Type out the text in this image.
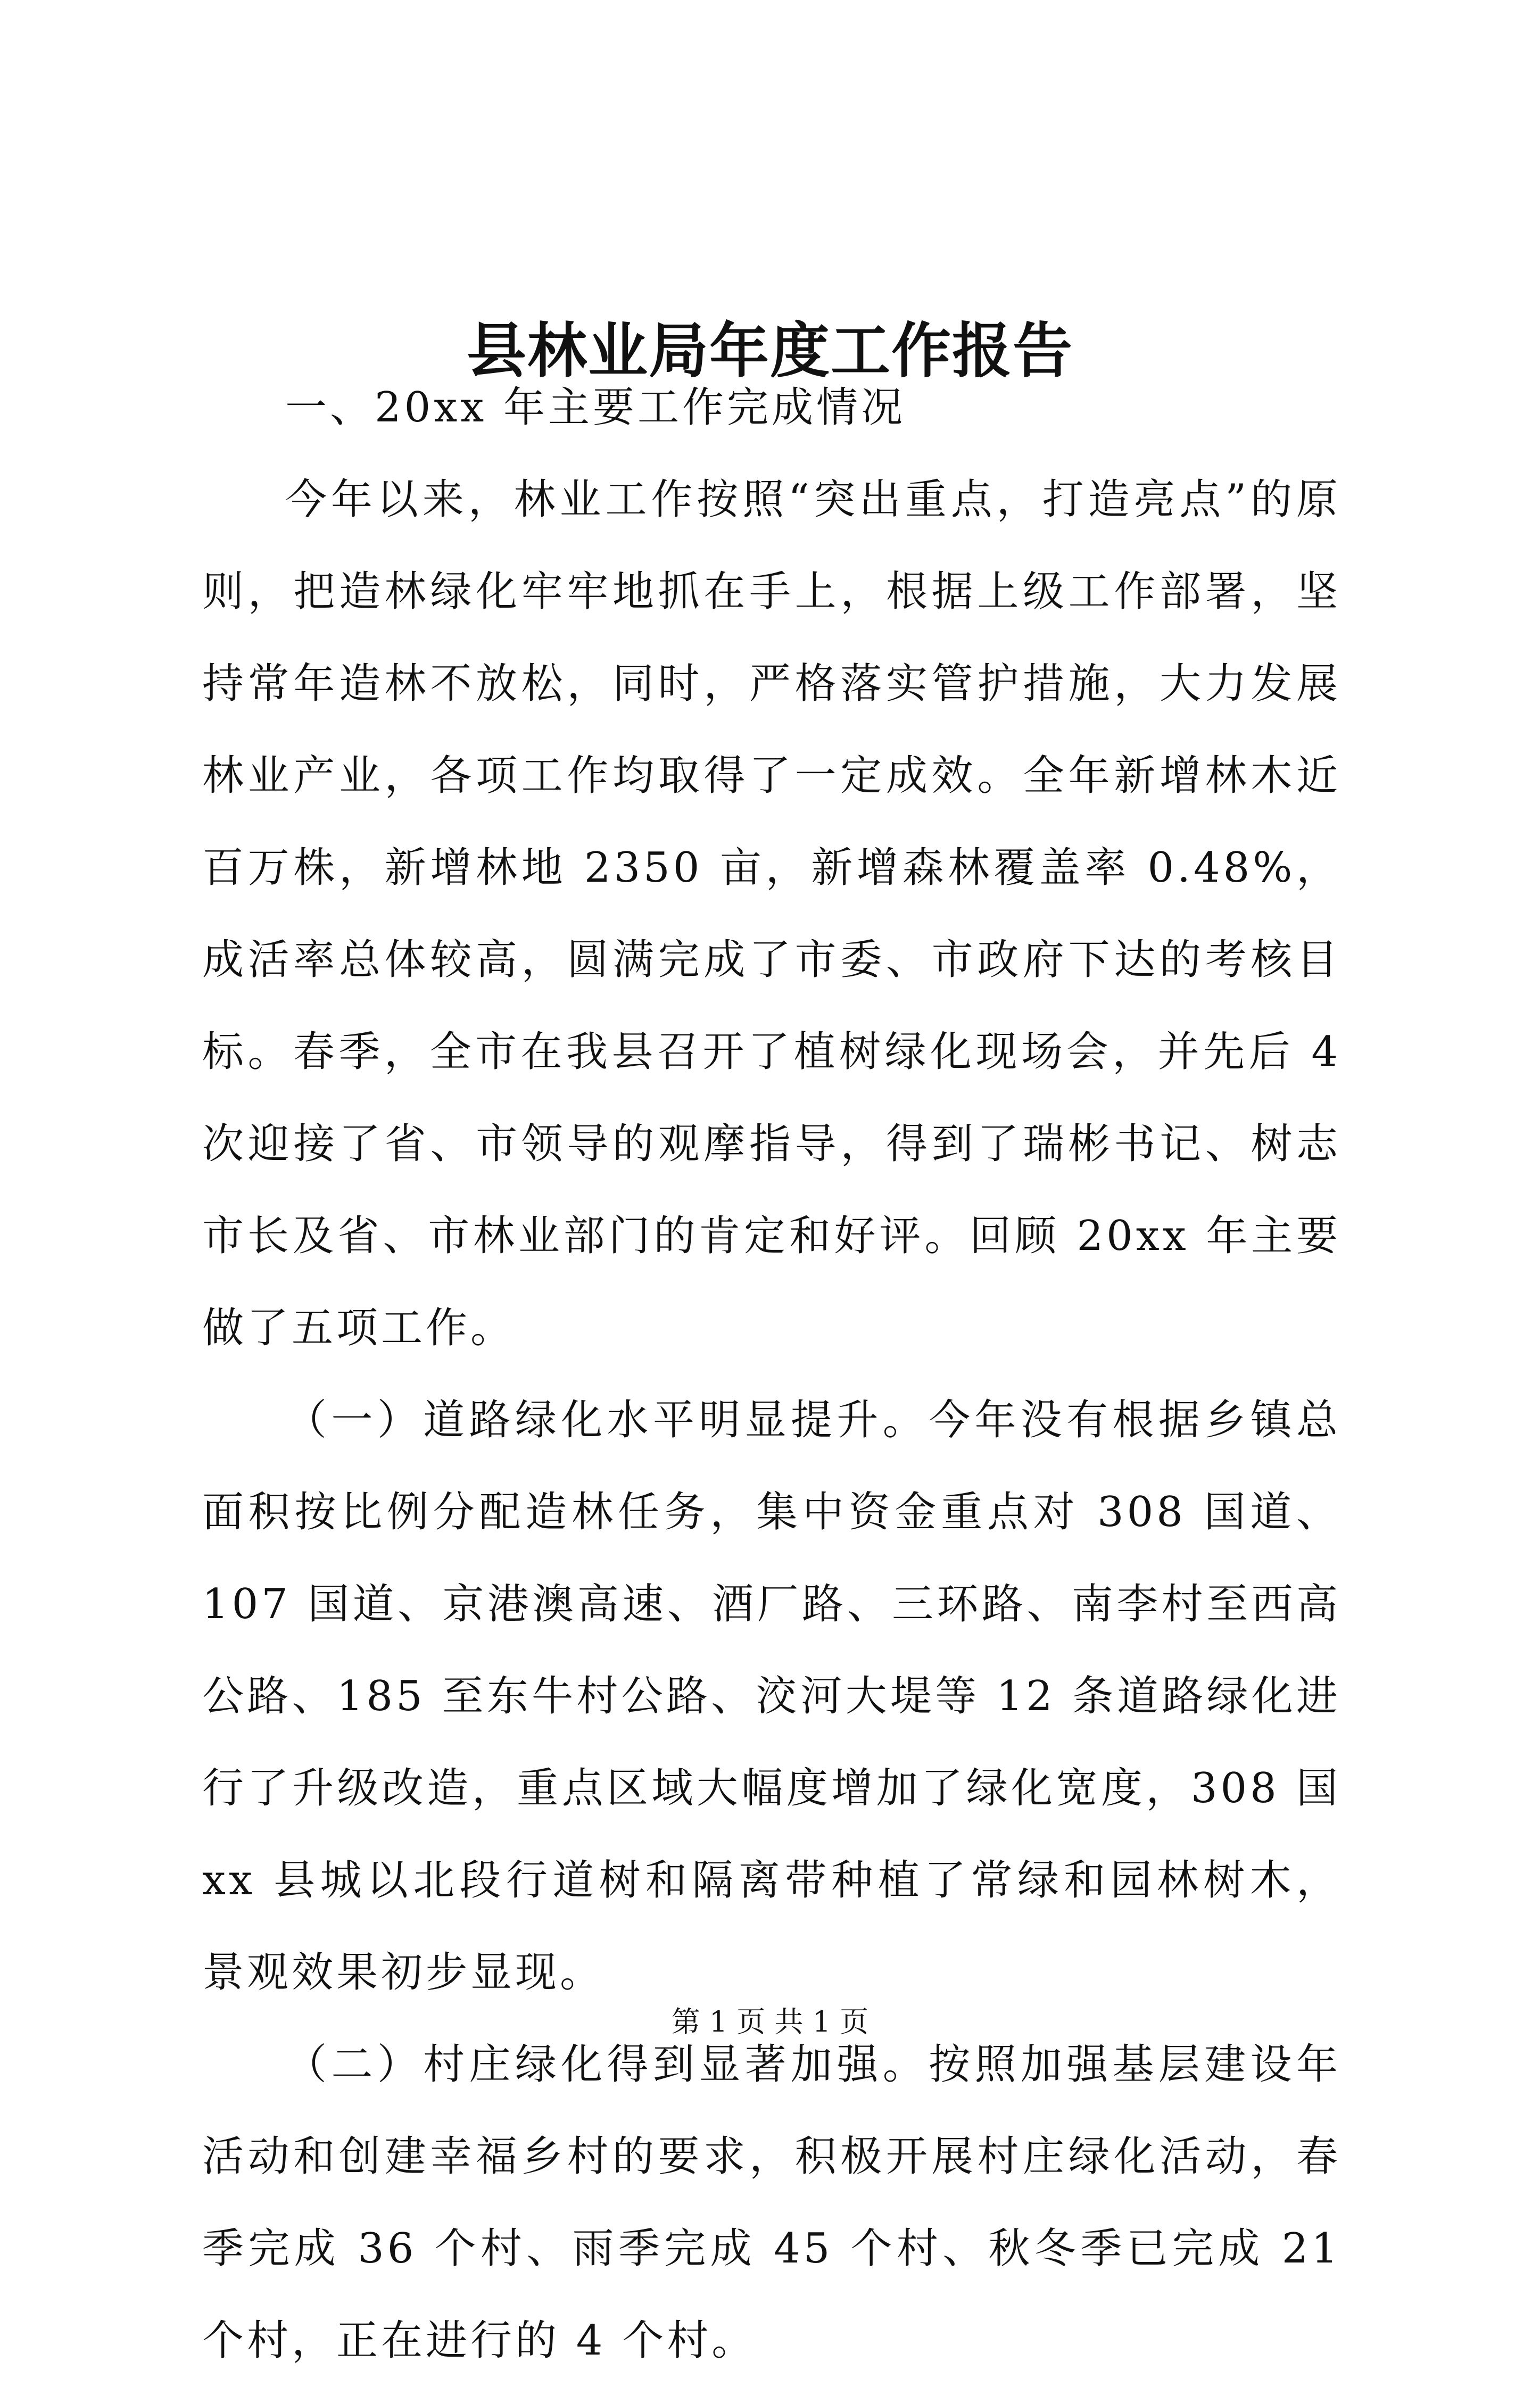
县林业局年度工作报告

一、20xx 年主要工作完成情况

今年以来，林业工作按照“突出重点，打造亮点”的原则，把造林绿化牢牢地抓在手上，根据上级工作部署，坚持常年造林不放松，同时，严格落实管护措施，大力发展林业产业，各项工作均取得了一定成效。全年新增林木近百万株，新增林地 2350 亩，新增森林覆盖率 0.48%，成活率总体较高，圆满完成了市委、市政府下达的考核目标。春季，全市在我县召开了植树绿化现场会，并先后 4 次迎接了省、市领导的观摩指导，得到了瑞彬书记、树志市长及省、市林业部门的肯定和好评。回顾 20xx 年主要做了五项工作。

（一）道路绿化水平明显提升。今年没有根据乡镇总面积按比例分配造林任务，集中资金重点对 308 国道、107 国道、京港澳高速、酒厂路、三环路、南李村至西高公路、185 至东牛村公路、洨河大堤等 12 条道路绿化进行了升级改造，重点区域大幅度增加了绿化宽度，308 国 xx 县城以北段行道树和隔离带种植了常绿和园林树木，景观效果初步显现。

（二）村庄绿化得到显著加强。按照加强基层建设年活动和创建幸福乡村的要求，积极开展村庄绿化活动，春季完成 36 个村、雨季完成 45 个村、秋冬季已完成 21 个村，正在进行的 4 个村。

第 1 页 共 1 页
